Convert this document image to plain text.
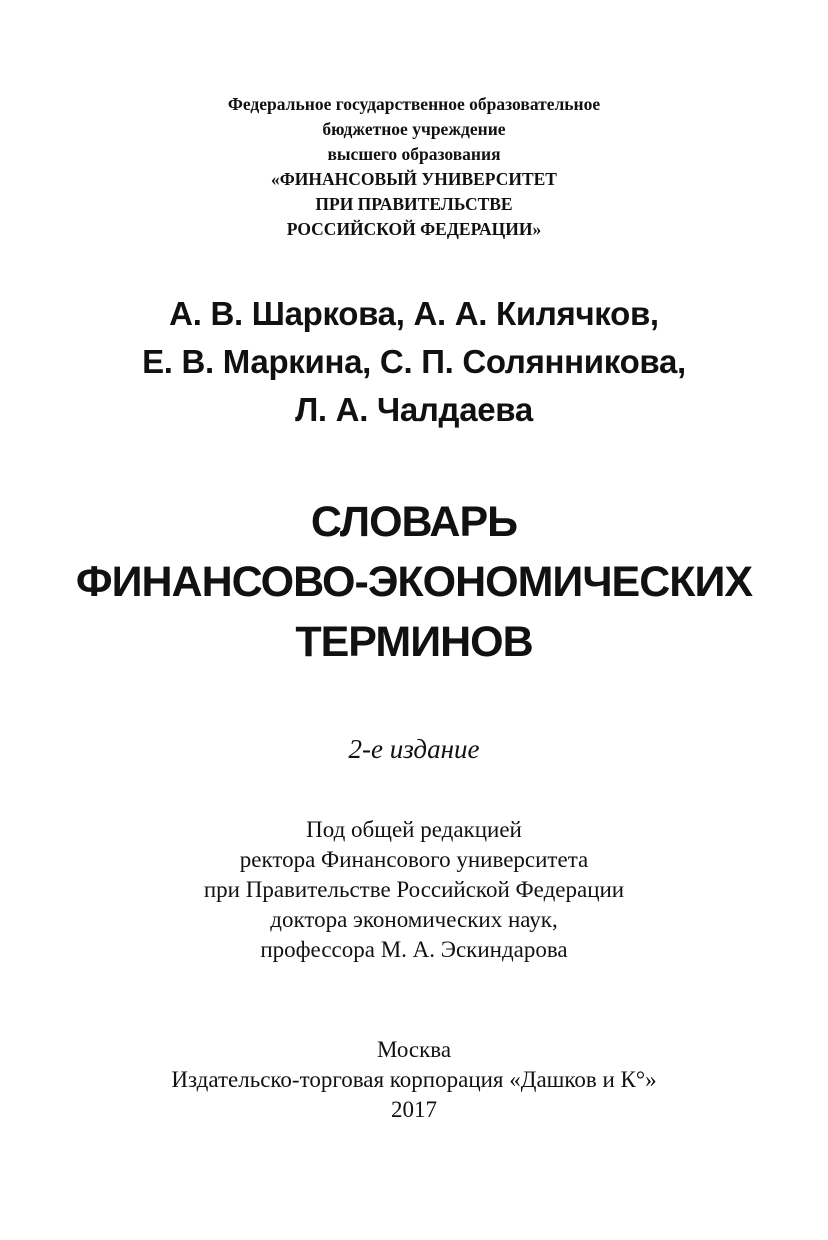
Федеральное государственное образовательное
бюджетное учреждение
высшего образования
«ФИНАНСОВЫЙ УНИВЕРСИТЕТ
ПРИ ПРАВИТЕЛЬСТВЕ
РОССИЙСКОЙ ФЕДЕРАЦИИ»
А. В. Шаркова, А. А. Килячков,
Е. В. Маркина, С. П. Солянникова,
Л. А. Чалдаева
СЛОВАРЬ
ФИНАНСОВО-ЭКОНОМИЧЕСКИХ
ТЕРМИНОВ
2-е издание
Под общей редакцией
ректора Финансового университета
при Правительстве Российской Федерации
доктора экономических наук,
профессора М. А. Эскиндарова
Москва
Издательско-торговая корпорация «Дашков и К°»
2017
